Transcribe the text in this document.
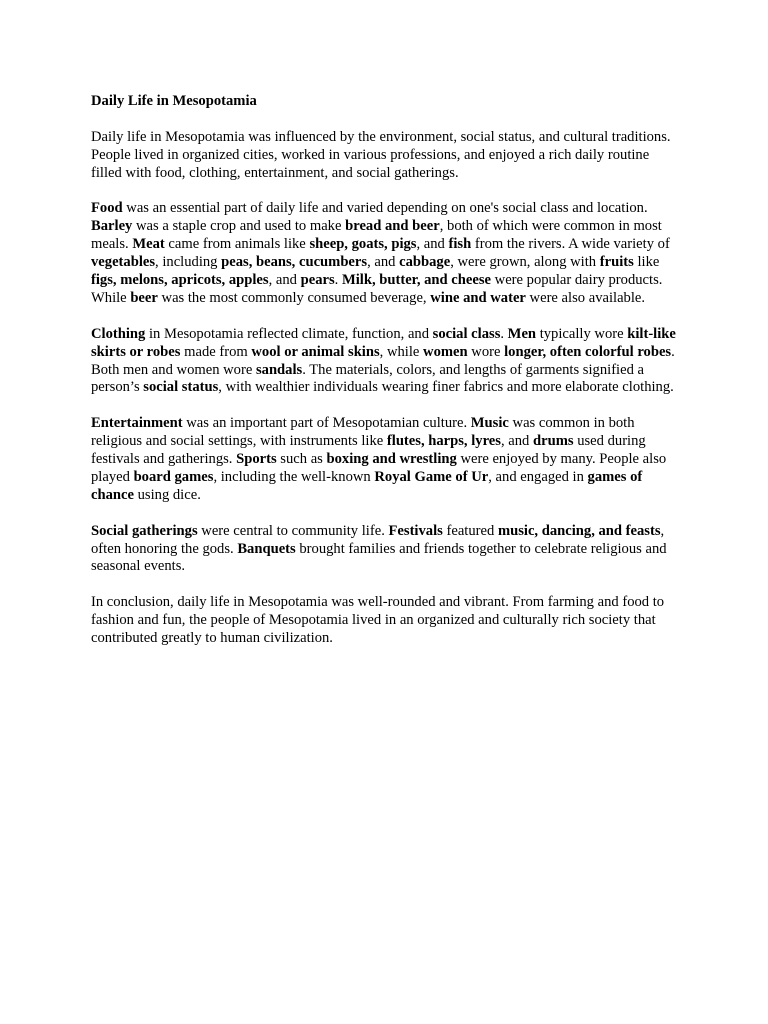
Daily Life in Mesopotamia

Daily life in Mesopotamia was influenced by the environment, social status, and cultural traditions. People lived in organized cities, worked in various professions, and enjoyed a rich daily routine filled with food, clothing, entertainment, and social gatherings.

Food was an essential part of daily life and varied depending on one's social class and location. Barley was a staple crop and used to make bread and beer, both of which were common in most meals. Meat came from animals like sheep, goats, pigs, and fish from the rivers. A wide variety of vegetables, including peas, beans, cucumbers, and cabbage, were grown, along with fruits like figs, melons, apricots, apples, and pears. Milk, butter, and cheese were popular dairy products. While beer was the most commonly consumed beverage, wine and water were also available.

Clothing in Mesopotamia reflected climate, function, and social class. Men typically wore kilt-like skirts or robes made from wool or animal skins, while women wore longer, often colorful robes. Both men and women wore sandals. The materials, colors, and lengths of garments signified a person’s social status, with wealthier individuals wearing finer fabrics and more elaborate clothing.

Entertainment was an important part of Mesopotamian culture. Music was common in both religious and social settings, with instruments like flutes, harps, lyres, and drums used during festivals and gatherings. Sports such as boxing and wrestling were enjoyed by many. People also played board games, including the well-known Royal Game of Ur, and engaged in games of chance using dice.

Social gatherings were central to community life. Festivals featured music, dancing, and feasts, often honoring the gods. Banquets brought families and friends together to celebrate religious and seasonal events.

In conclusion, daily life in Mesopotamia was well-rounded and vibrant. From farming and food to fashion and fun, the people of Mesopotamia lived in an organized and culturally rich society that contributed greatly to human civilization.
